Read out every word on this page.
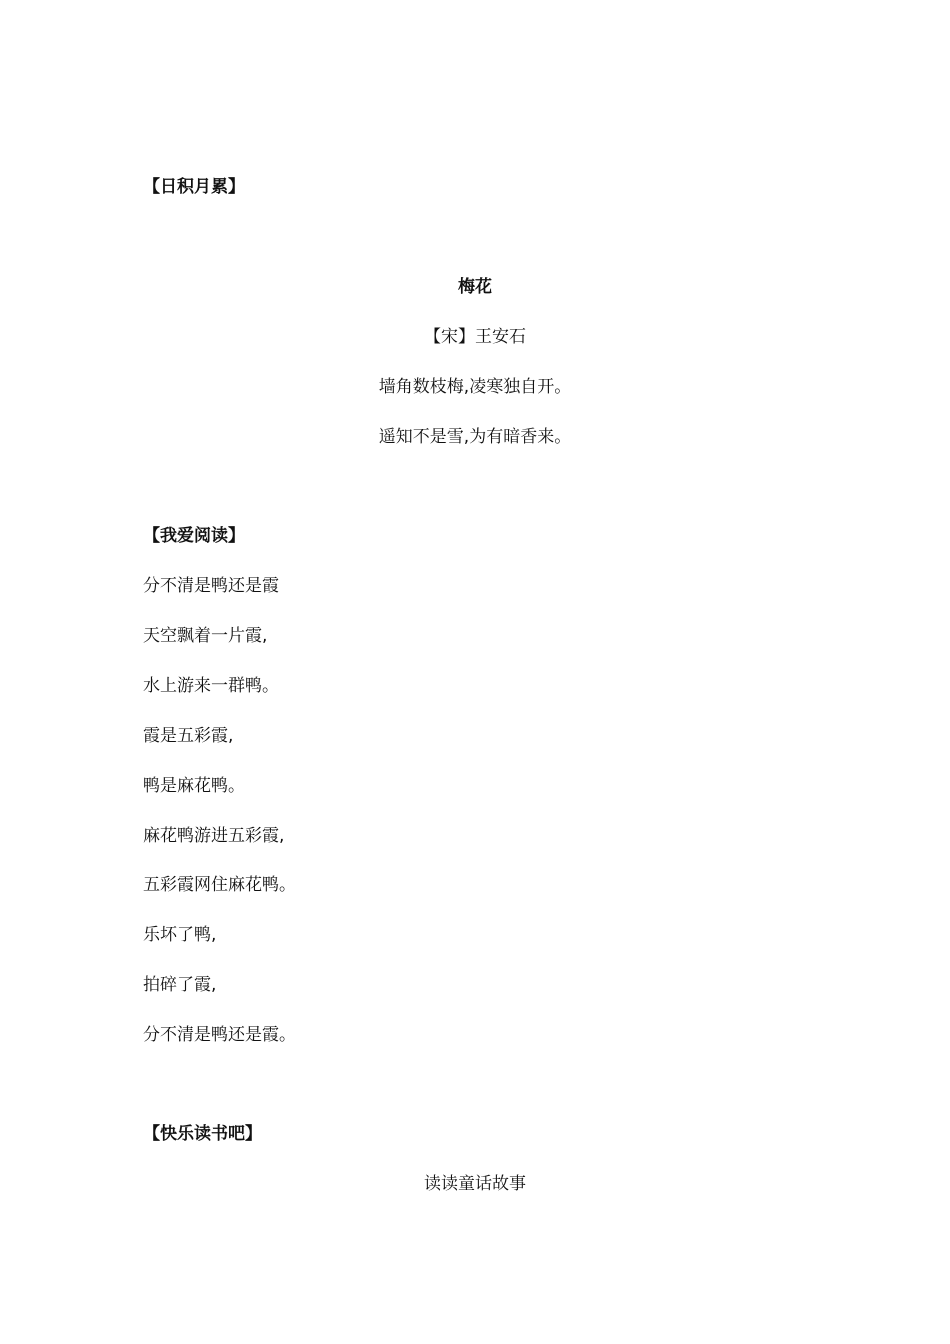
【日积月累】
梅花
【宋】王安石
墙角数枝梅,凌寒独自开。
遥知不是雪,为有暗香来。
【我爱阅读】
分不清是鸭还是霞
天空飘着一片霞,
水上游来一群鸭。
霞是五彩霞,
鸭是麻花鸭。
麻花鸭游进五彩霞,
五彩霞网住麻花鸭。
乐坏了鸭,
拍碎了霞,
分不清是鸭还是霞。
【快乐读书吧】
读读童话故事
